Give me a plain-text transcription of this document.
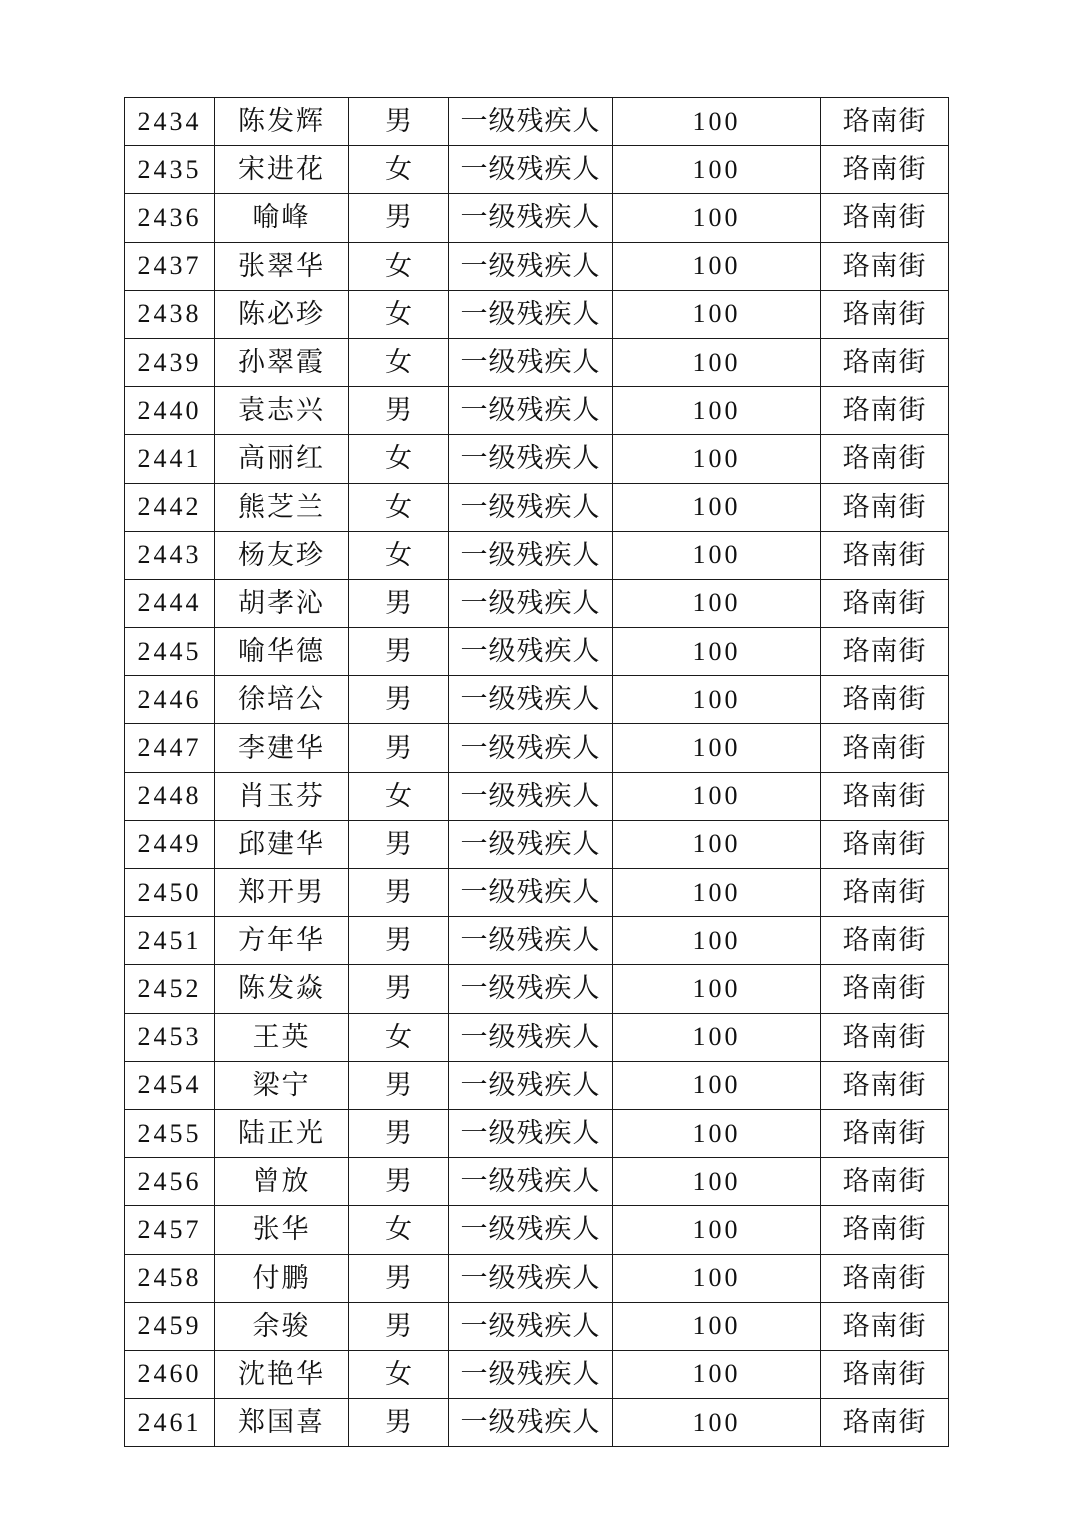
2434	陈发辉	男	一级残疾人	100	珞南街
2435	宋进花	女	一级残疾人	100	珞南街
2436	喻峰	男	一级残疾人	100	珞南街
2437	张翠华	女	一级残疾人	100	珞南街
2438	陈必珍	女	一级残疾人	100	珞南街
2439	孙翠霞	女	一级残疾人	100	珞南街
2440	袁志兴	男	一级残疾人	100	珞南街
2441	高丽红	女	一级残疾人	100	珞南街
2442	熊芝兰	女	一级残疾人	100	珞南街
2443	杨友珍	女	一级残疾人	100	珞南街
2444	胡孝沁	男	一级残疾人	100	珞南街
2445	喻华德	男	一级残疾人	100	珞南街
2446	徐培公	男	一级残疾人	100	珞南街
2447	李建华	男	一级残疾人	100	珞南街
2448	肖玉芬	女	一级残疾人	100	珞南街
2449	邱建华	男	一级残疾人	100	珞南街
2450	郑开男	男	一级残疾人	100	珞南街
2451	方年华	男	一级残疾人	100	珞南街
2452	陈发焱	男	一级残疾人	100	珞南街
2453	王英	女	一级残疾人	100	珞南街
2454	梁宁	男	一级残疾人	100	珞南街
2455	陆正光	男	一级残疾人	100	珞南街
2456	曾放	男	一级残疾人	100	珞南街
2457	张华	女	一级残疾人	100	珞南街
2458	付鹏	男	一级残疾人	100	珞南街
2459	余骏	男	一级残疾人	100	珞南街
2460	沈艳华	女	一级残疾人	100	珞南街
2461	郑国喜	男	一级残疾人	100	珞南街
